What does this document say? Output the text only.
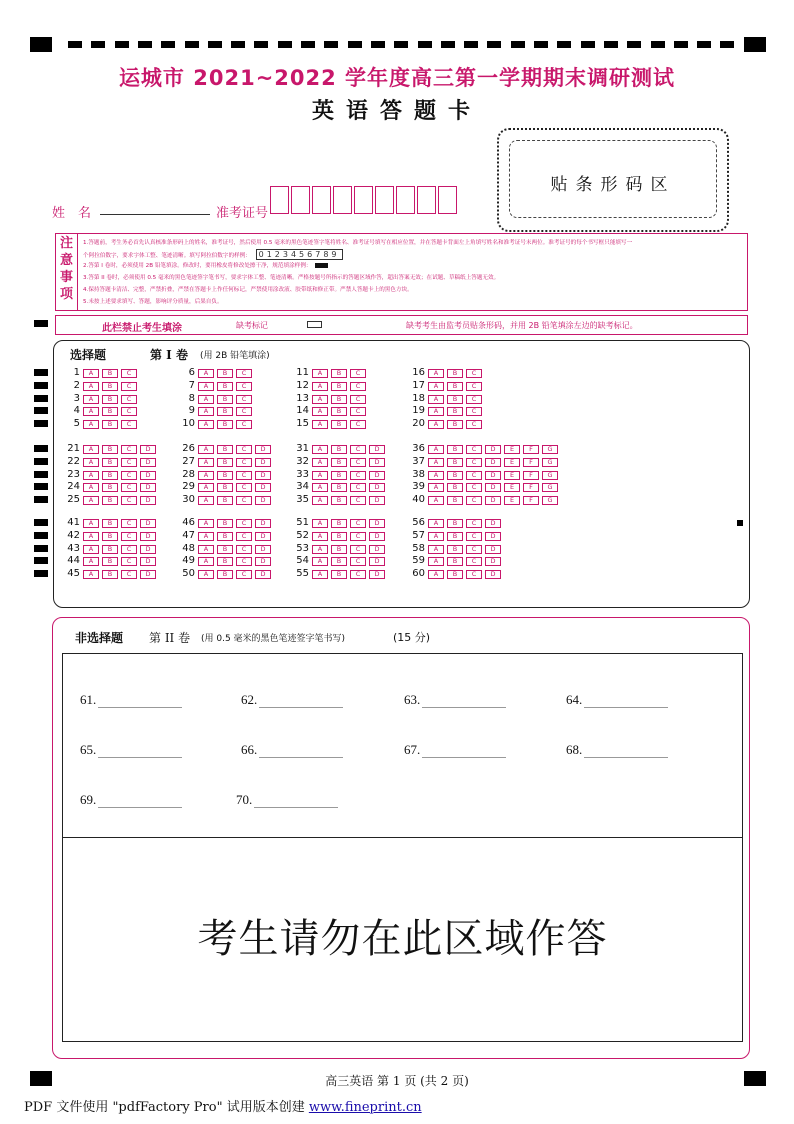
运城市 2021~2022 学年度高三第一学期期末调研测试
英语答题卡
贴条形码区
姓　名	准考证号
注
意
事
项
1.答题前，考生务必首先认真核准条形码上的姓名，准考证号，然后使用 0.5 毫米的黑色笔迹签字笔将姓名、准考证号填写在相应位置，并在答题卡背面左上角填写姓名和准考证号末两位。准考证号的每个书写框只能填写一
个阿拉伯数字，要求字体工整、笔迹清晰。填写阿拉伯数字的样例： 0123456789
2.答第 I 卷时，必须使用 2B 铅笔填涂。修改时，要用橡皮将修改处擦干净，规范填涂样例：
3.答第 II 卷时，必须使用 0.5 毫米的黑色笔迹签字笔书写，要求字体工整、笔迹清晰。严格按题号所指示的答题区域作答，超出答案无效；在试题、草稿纸上答题无效。
4.保持答题卡清洁、完整，严禁折叠，严禁在答题卡上作任何标记，严禁使用涂改液、胶带纸和修正带。严禁人答题卡上的黑色方块。
5.未按上述要求填写、答题，影响评分质量，后果自负。
此栏禁止考生填涂	缺考标记	缺考考生由监考员贴条形码，并用 2B 铅笔填涂左边的缺考标记。
选择题	第 I 卷 (用 2B 铅笔填涂)
1	A	B	C
2	A	B	C
3	A	B	C
4	A	B	C
5	A	B	C
6	A	B	C
7	A	B	C
8	A	B	C
9	A	B	C
10	A	B	C
11	A	B	C
12	A	B	C
13	A	B	C
14	A	B	C
15	A	B	C
16	A	B	C
17	A	B	C
18	A	B	C
19	A	B	C
20	A	B	C
21	A	B	C	D
22	A	B	C	D
23	A	B	C	D
24	A	B	C	D
25	A	B	C	D
26	A	B	C	D
27	A	B	C	D
28	A	B	C	D
29	A	B	C	D
30	A	B	C	D
31	A	B	C	D
32	A	B	C	D
33	A	B	C	D
34	A	B	C	D
35	A	B	C	D
36	A	B	C	D	E	F	G
37	A	B	C	D	E	F	G
38	A	B	C	D	E	F	G
39	A	B	C	D	E	F	G
40	A	B	C	D	E	F	G
41	A	B	C	D
42	A	B	C	D
43	A	B	C	D
44	A	B	C	D
45	A	B	C	D
46	A	B	C	D
47	A	B	C	D
48	A	B	C	D
49	A	B	C	D
50	A	B	C	D
51	A	B	C	D
52	A	B	C	D
53	A	B	C	D
54	A	B	C	D
55	A	B	C	D
56	A	B	C	D
57	A	B	C	D
58	A	B	C	D
59	A	B	C	D
60	A	B	C	D
非选择题 第 II 卷 (用 0.5 毫米的黑色笔迹签字笔书写)	(15 分)
61.	62.	63.	64.
65.	66.	67.	68.
69.	70.
考生请勿在此区域作答
高三英语 第 1 页 (共 2 页)
PDF 文件使用 "pdfFactory Pro" 试用版本创建 www.fineprint.cn
